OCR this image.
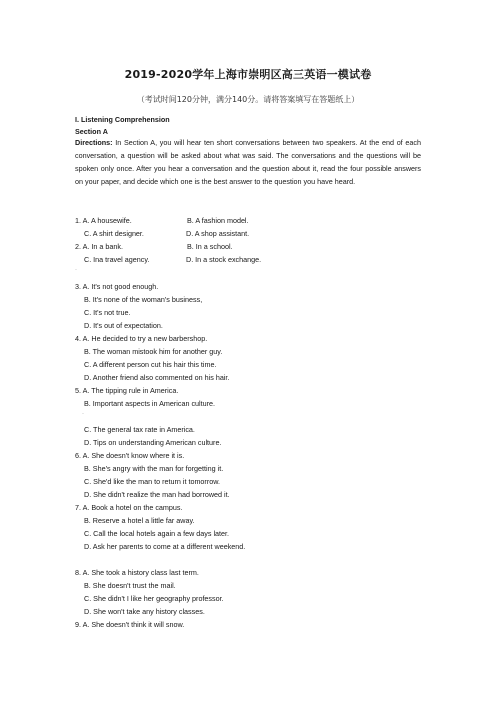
2019-2020学年上海市崇明区高三英语一模试卷
（考试时间120分钟，满分140分。请将答案填写在答题纸上）
I. Listening Comprehension
Section A
Directions: In Section A, you will hear ten short conversations between two speakers. At the end of each conversation, a question will be asked about what was said. The conversations and the questions will be spoken only once. After you hear a conversation and the question about it, read the four possible answers on your paper, and decide which one is the best answer to the question you have heard.
1. A. A housewife.	B. A fashion model.
C. A shirt designer.	D. A shop assistant.
2. A. In a bank.	B. In a school.
C. Ina travel agency.	D. In a stock exchange.
·
3. A. It's not good enough.
B. It's none of the woman's business,
C. It's not true.
D. It's out of expectation.
4. A. He decided to try a new barbershop.
B. The woman mistook him for another guy.
C. A different person cut his hair this time.
D. Another friend also commented on his hair.
5. A. The tipping rule in America.
B. Important aspects in American culture.
·
C. The general tax rate in America.
D. Tips on understanding American culture.
6. A. She doesn't know where it is.
B. She's angry with the man for forgetting it.
C. She'd like the man to return it tomorrow.
D. She didn't realize the man had borrowed it.
7. A. Book a hotel on the campus.
B. Reserve a hotel a little far away.
C. Call the local hotels again a few days later.
D. Ask her parents to come at a different weekend.
8. A. She took a history class last term.
B. She doesn't trust the mail.
C. She didn't I like her geography professor.
D. She won't take any history classes.
9. A. She doesn't think it will snow.
